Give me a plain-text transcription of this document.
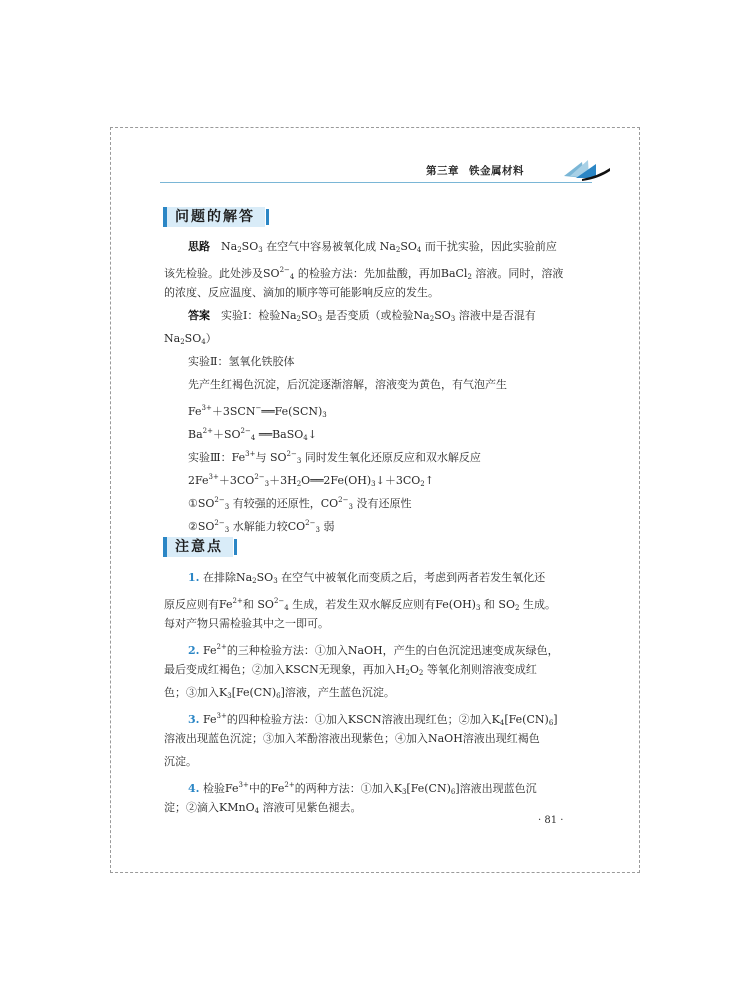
第三章 铁金属材料
问题的解答
思路　 Na2SO3 在空气中容易被氧化成 Na2SO4 而干扰实验，因此实验前应
该先检验。此处涉及$SO^{2-}4$ 的检验方法：先加盐酸，再加BaCl2 溶液。同时，溶液
的浓度、反应温度、滴加的顺序等可能影响反应的发生。
答案　 实验Ⅰ：检验Na2SO3 是否变质（或检验Na2SO3 溶液中是否混有
Na2SO4）
实验Ⅱ：氢氧化铁胶体
先产生红褐色沉淀，后沉淀逐渐溶解，溶液变为黄色，有气泡产生
$Fe^{3+}+3SCN^-══Fe(SCN)3$
$Ba^{2+}+SO^{2-}4$ ══BaSO4↓
实验Ⅲ：$Fe^{3+}$与 $SO^{2-}3$ 同时发生氧化还原反应和双水解反应
$2Fe^{3+}+3CO^{2-}3+3H2O══2Fe(OH)3↓+3CO2↑$
$①SO^{2-}3$ 有较强的还原性，$CO^{2-}3$ 没有还原性
$②SO^{2-}3$ 水解能力较$CO^{2-}3$ 弱
注意点
1. 在排除Na2SO3 在空气中被氧化而变质之后，考虑到两者若发生氧化还
原反应则有$Fe^{2+}$和 $SO^{2-}4$ 生成，若发生双水解反应则有Fe(OH)3 和 SO2 生成。
每对产物只需检验其中之一即可。
2. $Fe^{2+}$的三种检验方法：①加入NaOH，产生的白色沉淀迅速变成灰绿色，
最后变成红褐色；②加入KSCN无现象，再加入H2O2 等氧化剂则溶液变成红
色；③加入K3[Fe(CN)6]溶液，产生蓝色沉淀。
3. $Fe^{3+}$的四种检验方法：①加入KSCN溶液出现红色；②加入K4[Fe(CN)6]
溶液出现蓝色沉淀；③加入苯酚溶液出现紫色；④加入NaOH溶液出现红褐色
沉淀。
4. 检验$Fe^{3+}$中的$Fe^{2+}$的两种方法：①加入K3[Fe(CN)6]溶液出现蓝色沉
淀；②滴入KMnO4 溶液可见紫色褪去。
· 81 ·
